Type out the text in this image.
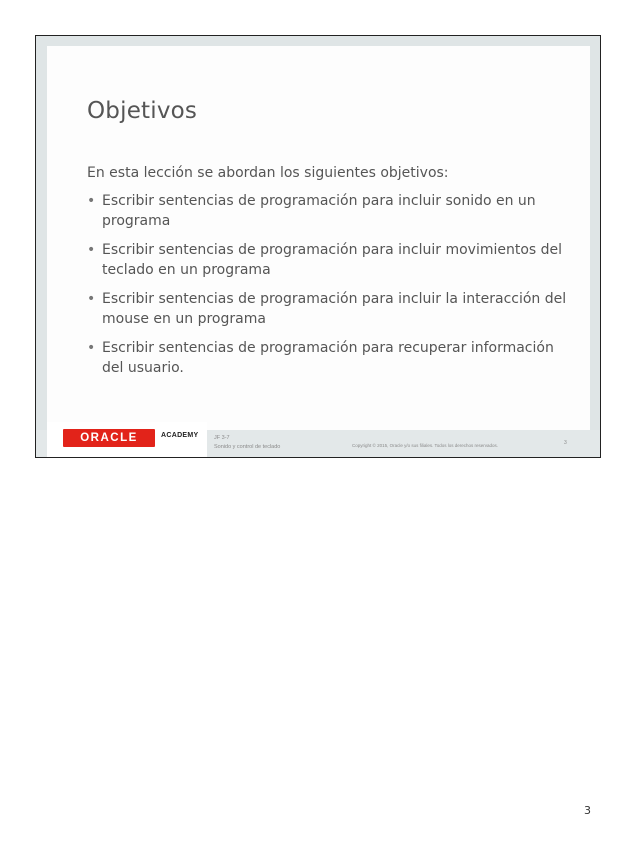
Objetivos
En esta lección se abordan los siguientes objetivos:
• Escribir sentencias de programación para incluir sonido en un programa
• Escribir sentencias de programación para incluir movimientos del teclado en un programa
• Escribir sentencias de programación para incluir la interacción del mouse en un programa
• Escribir sentencias de programación para recuperar información del usuario.
ORACLE	ACADEMY	JF 3-7
Sonido y control de teclado	Copyright © 2015, Oracle y/o sus filiales. Todos los derechos reservados.	3
3
